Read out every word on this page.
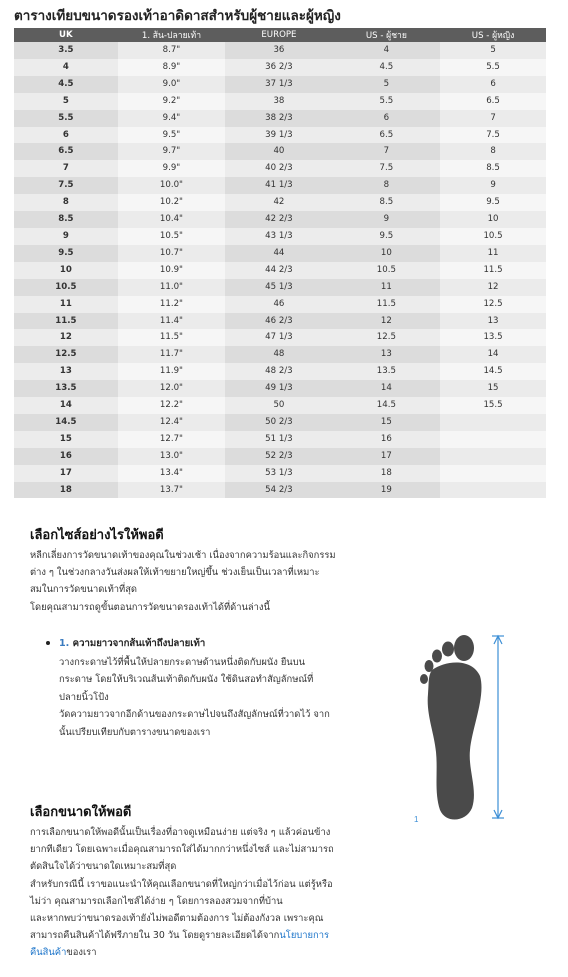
ตารางเทียบขนาดรองเท้าอาดิดาสสำหรับผู้ชายและผู้หญิง
UK	1. ส้น-ปลายเท้า	EUROPE	US - ผู้ชาย	US - ผู้หญิง
3.5	8.7"	36	4	5
4	8.9"	36 2/3	4.5	5.5
4.5	9.0"	37 1/3	5	6
5	9.2"	38	5.5	6.5
5.5	9.4"	38 2/3	6	7
6	9.5"	39 1/3	6.5	7.5
6.5	9.7"	40	7	8
7	9.9"	40 2/3	7.5	8.5
7.5	10.0"	41 1/3	8	9
8	10.2"	42	8.5	9.5
8.5	10.4"	42 2/3	9	10
9	10.5"	43 1/3	9.5	10.5
9.5	10.7"	44	10	11
10	10.9"	44 2/3	10.5	11.5
10.5	11.0"	45 1/3	11	12
11	11.2"	46	11.5	12.5
11.5	11.4"	46 2/3	12	13
12	11.5"	47 1/3	12.5	13.5
12.5	11.7"	48	13	14
13	11.9"	48 2/3	13.5	14.5
13.5	12.0"	49 1/3	14	15
14	12.2"	50	14.5	15.5
14.5	12.4"	50 2/3	15	
15	12.7"	51 1/3	16	
16	13.0"	52 2/3	17	
17	13.4"	53 1/3	18	
18	13.7"	54 2/3	19	
เลือกไซส์อย่างไรให้พอดี

หลีกเลี่ยงการวัดขนาดเท้าของคุณในช่วงเช้า เนื่องจากความร้อนและกิจกรรม

ต่าง ๆ ในช่วงกลางวันส่งผลให้เท้าขยายใหญ่ขึ้น ช่วงเย็นเป็นเวลาที่เหมาะ

สมในการวัดขนาดเท้าที่สุด

โดยคุณสามารถดูขั้นตอนการวัดขนาดรองเท้าได้ที่ด้านล่างนี้

1. ความยาวจากส้นเท้าถึงปลายเท้า

วางกระดาษไว้ที่พื้นให้ปลายกระดาษด้านหนึ่งติดกับผนัง ยืนบน

กระดาษ โดยให้บริเวณส้นเท้าติดกับผนัง ใช้ดินสอทำสัญลักษณ์ที่

ปลายนิ้วโป้ง

วัดความยาวจากอีกด้านของกระดาษไปจนถึงสัญลักษณ์ที่วาดไว้ จาก

นั้นเปรียบเทียบกับตารางขนาดของเรา

เลือกขนาดให้พอดี

การเลือกขนาดให้พอดีนั้นเป็นเรื่องที่อาจดูเหมือนง่าย แต่จริง ๆ แล้วค่อนข้าง

ยากทีเดียว โดยเฉพาะเมื่อคุณสามารถใส่ได้มากกว่าหนึ่งไซส์ และไม่สามารถ

ตัดสินใจได้ว่าขนาดใดเหมาะสมที่สุด

สำหรับกรณีนี้ เราขอแนะนำให้คุณเลือกขนาดที่ใหญ่กว่าเมื่อไว้ก่อน แต่รู้หรือ

ไม่ว่า คุณสามารถเลือกไซส์ได้ง่าย ๆ โดยการลองสวมจากที่บ้าน

และหากพบว่าขนาดรองเท้ายังไม่พอดีตามต้องการ ไม่ต้องกังวล เพราะคุณ

สามารถคืนสินค้าได้ฟรีภายใน 30 วัน โดยดูรายละเอียดได้จากนโยบายการ

คืนสินค้าของเรา

1
